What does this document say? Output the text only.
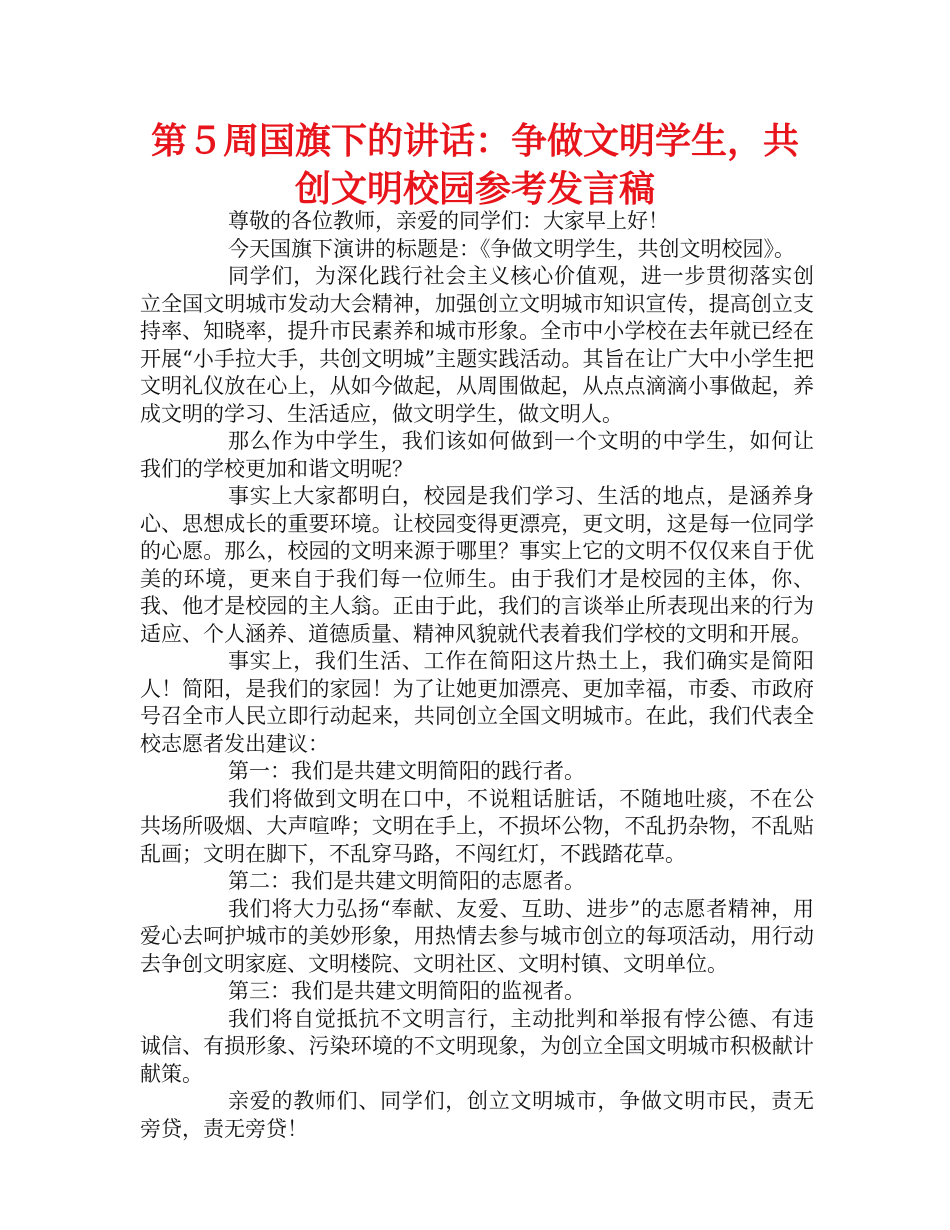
第５周国旗下的讲话：争做文明学生，共创文明校园参考发言稿

尊敬的各位教师，亲爱的同学们：大家早上好！

今天国旗下演讲的标题是：《争做文明学生，共创文明校园》。

同学们，为深化践行社会主义核心价值观，进一步贯彻落实创立全国文明城市发动大会精神，加强创立文明城市知识宣传，提高创立支持率、知晓率，提升市民素养和城市形象。全市中小学校在去年就已经在开展“小手拉大手，共创文明城”主题实践活动。其旨在让广大中小学生把文明礼仪放在心上，从如今做起，从周围做起，从点点滴滴小事做起，养成文明的学习、生活适应，做文明学生，做文明人。

那么作为中学生，我们该如何做到一个文明的中学生，如何让我们的学校更加和谐文明呢？

事实上大家都明白，校园是我们学习、生活的地点，是涵养身心、思想成长的重要环境。让校园变得更漂亮，更文明，这是每一位同学的心愿。那么，校园的文明来源于哪里？事实上它的文明不仅仅来自于优美的环境，更来自于我们每一位师生。由于我们才是校园的主体，你、我、他才是校园的主人翁。正由于此，我们的言谈举止所表现出来的行为适应、个人涵养、道德质量、精神风貌就代表着我们学校的文明和开展。

事实上，我们生活、工作在简阳这片热土上，我们确实是简阳人！简阳，是我们的家园！为了让她更加漂亮、更加幸福，市委、市政府号召全市人民立即行动起来，共同创立全国文明城市。在此，我们代表全校志愿者发出建议：

第一：我们是共建文明简阳的践行者。

我们将做到文明在口中，不说粗话脏话，不随地吐痰，不在公共场所吸烟、大声喧哗；文明在手上，不损坏公物，不乱扔杂物，不乱贴乱画；文明在脚下，不乱穿马路，不闯红灯，不践踏花草。

第二：我们是共建文明简阳的志愿者。

我们将大力弘扬“奉献、友爱、互助、进步”的志愿者精神，用爱心去呵护城市的美妙形象，用热情去参与城市创立的每项活动，用行动去争创文明家庭、文明楼院、文明社区、文明村镇、文明单位。

第三：我们是共建文明简阳的监视者。

我们将自觉抵抗不文明言行，主动批判和举报有悖公德、有违诚信、有损形象、污染环境的不文明现象，为创立全国文明城市积极献计献策。

亲爱的教师们、同学们，创立文明城市，争做文明市民，责无旁贷，责无旁贷！
